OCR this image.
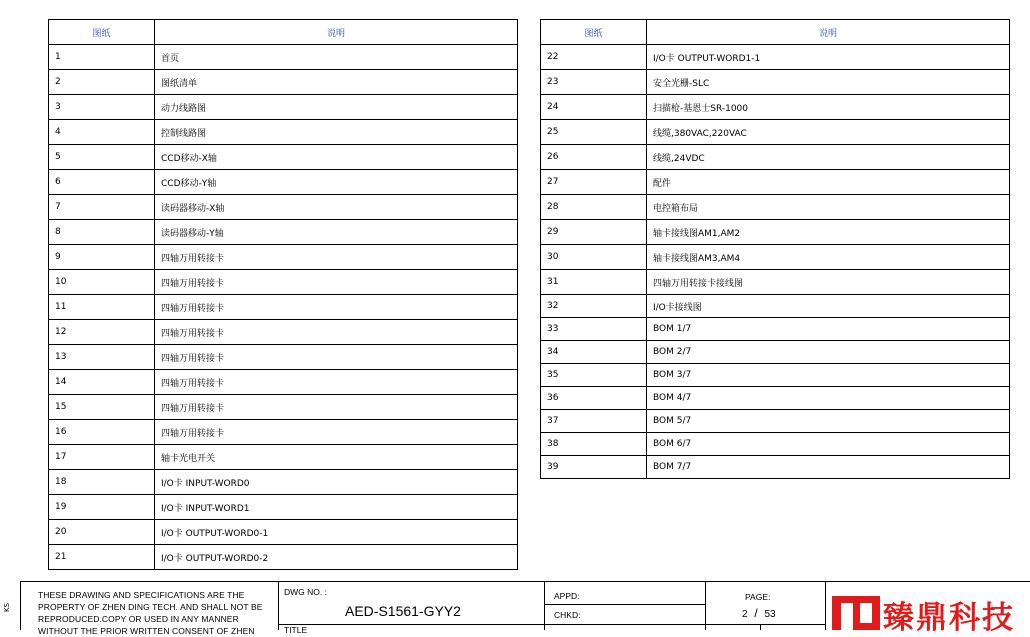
图纸	说明
1	首页
2	图纸清单
3	动力线路图
4	控制线路图
5	CCD移动-X轴
6	CCD移动-Y轴
7	读码器移动-X轴
8	读码器移动-Y轴
9	四轴万用转接卡
10	四轴万用转接卡
11	四轴万用转接卡
12	四轴万用转接卡
13	四轴万用转接卡
14	四轴万用转接卡
15	四轴万用转接卡
16	四轴万用转接卡
17	轴卡光电开关
18	I/O卡 INPUT-WORD0
19	I/O卡 INPUT-WORD1
20	I/O卡 OUTPUT-WORD0-1
21	I/O卡 OUTPUT-WORD0-2
图纸	说明
22	I/O卡 OUTPUT-WORD1-1
23	安全光栅-SLC
24	扫描枪-基恩士SR-1000
25	线缆,380VAC,220VAC
26	线缆,24VDC
27	配件
28	电控箱布局
29	轴卡接线图AM1,AM2
30	轴卡接线图AM3,AM4
31	四轴万用转接卡接线图
32	I/O卡接线图
33	BOM 1/7
34	BOM 2/7
35	BOM 3/7
36	BOM 4/7
37	BOM 5/7
38	BOM 6/7
39	BOM 7/7
THESE DRAWING AND SPECIFICATIONS ARE THE PROPERTY OF ZHEN DING TECH. AND SHALL NOT BE REPRODUCED.COPY OR USED IN ANY MANNER WITHOUT THE PRIOR WRITTEN CONSENT OF ZHEN
DWG NO. :
AED-S1561-GYY2
TITLE
APPD:
CHKD:
PAGE:
2 / 53	臻鼎科技
KS
